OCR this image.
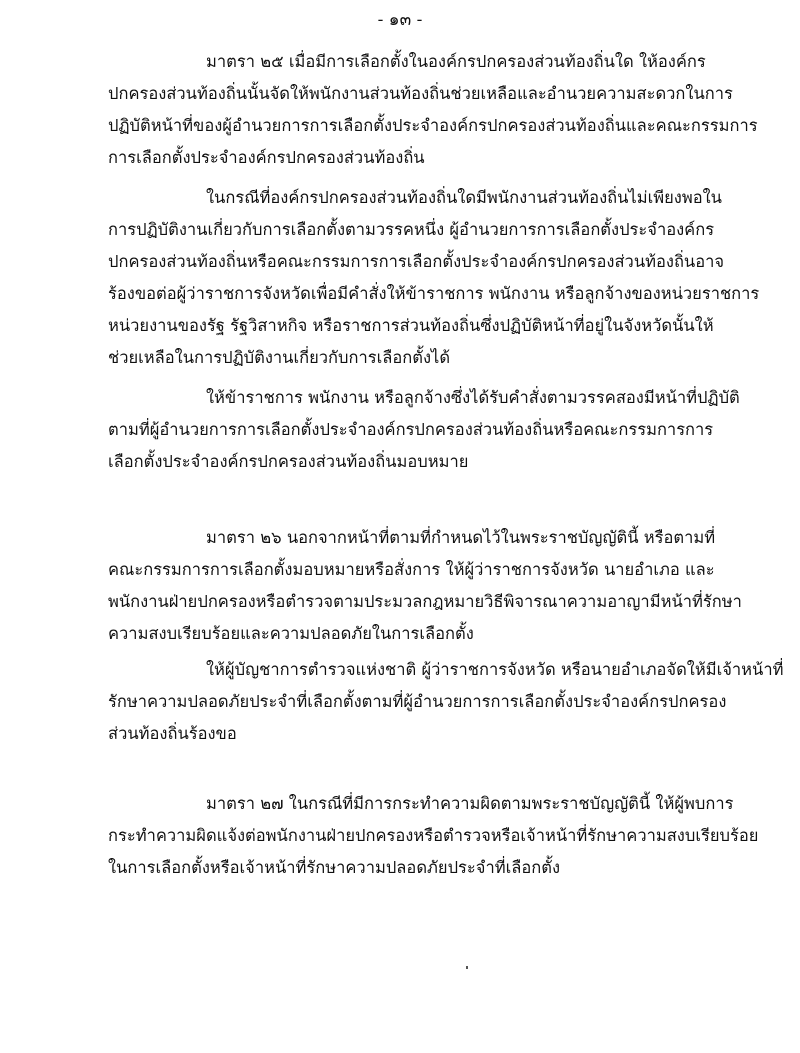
- ๑๓ -

มาตรา ๒๕ เมื่อมีการเลือกตั้งในองค์กรปกครองส่วนท้องถิ่นใด ให้องค์กร
ปกครองส่วนท้องถิ่นนั้นจัดให้พนักงานส่วนท้องถิ่นช่วยเหลือและอำนวยความสะดวกในการ
ปฏิบัติหน้าที่ของผู้อำนวยการการเลือกตั้งประจำองค์กรปกครองส่วนท้องถิ่นและคณะกรรมการ
การเลือกตั้งประจำองค์กรปกครองส่วนท้องถิ่น

ในกรณีที่องค์กรปกครองส่วนท้องถิ่นใดมีพนักงานส่วนท้องถิ่นไม่เพียงพอใน
การปฏิบัติงานเกี่ยวกับการเลือกตั้งตามวรรคหนึ่ง ผู้อำนวยการการเลือกตั้งประจำองค์กร
ปกครองส่วนท้องถิ่นหรือคณะกรรมการการเลือกตั้งประจำองค์กรปกครองส่วนท้องถิ่นอาจ
ร้องขอต่อผู้ว่าราชการจังหวัดเพื่อมีคำสั่งให้ข้าราชการ พนักงาน หรือลูกจ้างของหน่วยราชการ
หน่วยงานของรัฐ รัฐวิสาหกิจ หรือราชการส่วนท้องถิ่นซึ่งปฏิบัติหน้าที่อยู่ในจังหวัดนั้นให้
ช่วยเหลือในการปฏิบัติงานเกี่ยวกับการเลือกตั้งได้

ให้ข้าราชการ พนักงาน หรือลูกจ้างซึ่งได้รับคำสั่งตามวรรคสองมีหน้าที่ปฏิบัติ
ตามที่ผู้อำนวยการการเลือกตั้งประจำองค์กรปกครองส่วนท้องถิ่นหรือคณะกรรมการการ
เลือกตั้งประจำองค์กรปกครองส่วนท้องถิ่นมอบหมาย

มาตรา ๒๖ นอกจากหน้าที่ตามที่กำหนดไว้ในพระราชบัญญัตินี้ หรือตามที่
คณะกรรมการการเลือกตั้งมอบหมายหรือสั่งการ ให้ผู้ว่าราชการจังหวัด นายอำเภอ และ
พนักงานฝ่ายปกครองหรือตำรวจตามประมวลกฎหมายวิธีพิจารณาความอาญามีหน้าที่รักษา
ความสงบเรียบร้อยและความปลอดภัยในการเลือกตั้ง

ให้ผู้บัญชาการตำรวจแห่งชาติ ผู้ว่าราชการจังหวัด หรือนายอำเภอจัดให้มีเจ้าหน้าที่
รักษาความปลอดภัยประจำที่เลือกตั้งตามที่ผู้อำนวยการการเลือกตั้งประจำองค์กรปกครอง
ส่วนท้องถิ่นร้องขอ

มาตรา ๒๗ ในกรณีที่มีการกระทำความผิดตามพระราชบัญญัตินี้ ให้ผู้พบการ
กระทำความผิดแจ้งต่อพนักงานฝ่ายปกครองหรือตำรวจหรือเจ้าหน้าที่รักษาความสงบเรียบร้อย
ในการเลือกตั้งหรือเจ้าหน้าที่รักษาความปลอดภัยประจำที่เลือกตั้ง
